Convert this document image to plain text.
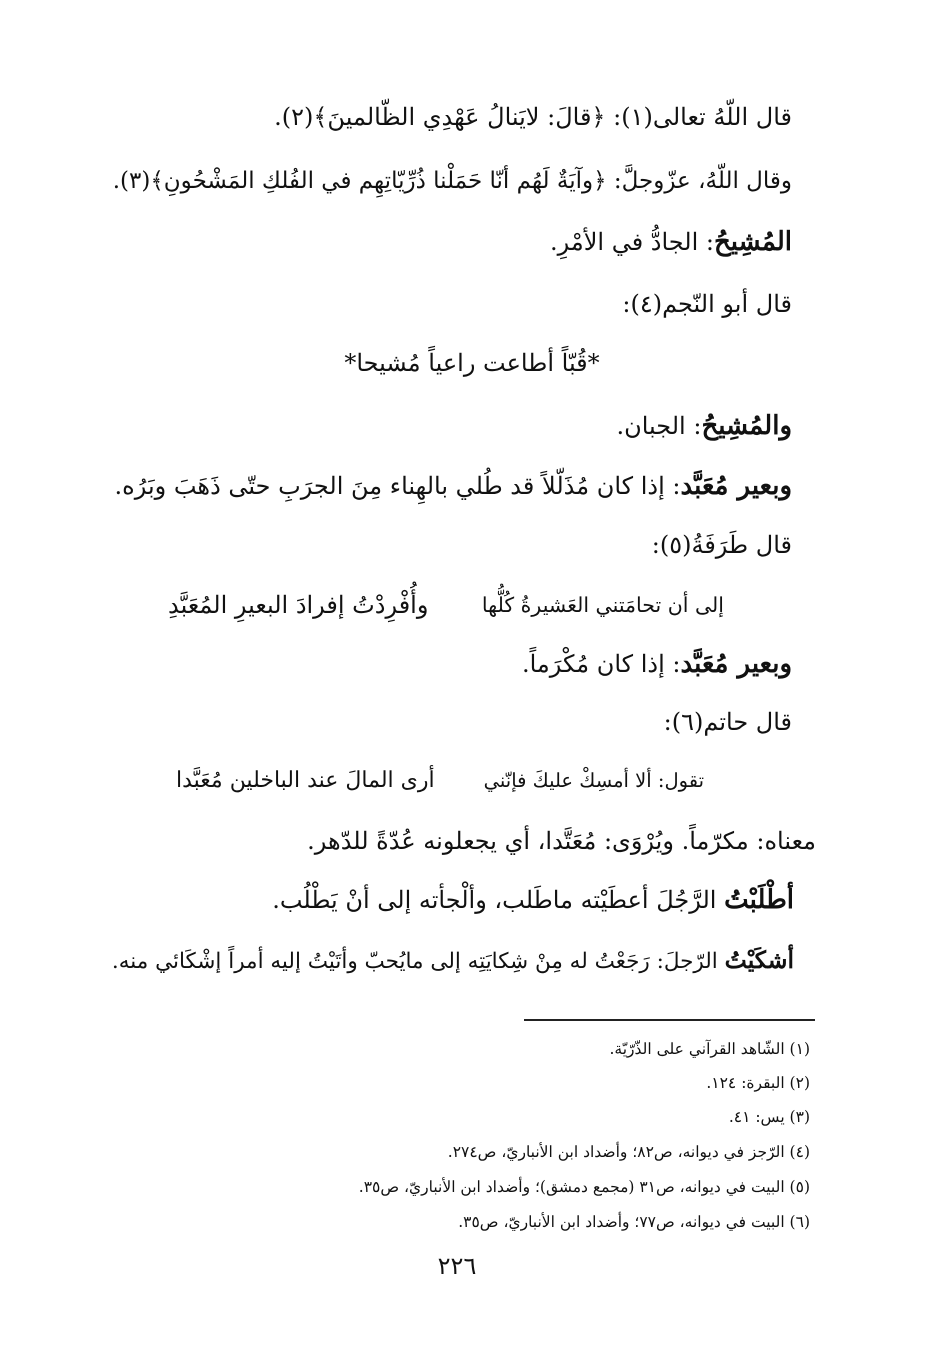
قال اللّهُ تعالى(١): ﴿قالَ: لايَنالُ عَهْدِي الظّالمينَ﴾(٢).
وقال اللّهُ، عزّوجلَّ: ﴿وآيَةٌ لَهُم أنّا حَمَلْنا ذُرِّيّاتِهِم في الفُلكِ المَشْحُونِ﴾(٣).
المُشِيحُ: الجادُّ في الأمْرِ.
قال أبو النّجم(٤):
*قُبّاً أطاعت راعياً مُشيحا*
والمُشِيحُ: الجبان.
وبعير مُعَبَّد: إذا كان مُذَلّلاً قد طُلي بالهِناء مِنَ الجرَبِ حتّى ذَهَبَ وبَرُه.
قال طَرَفَةُ(٥):
إلى أن تحامَتني العَشيرةُ كُلُّها
وأُفْرِدْتُ إفرادَ البعيرِ المُعَبَّدِ
وبعير مُعَبَّد: إذا كان مُكْرَماً.
قال حاتم(٦):
تقول: ألا أمسِكْ عليكَ فإنّني
أرى المالَ عند الباخلين مُعَبَّدا
معناه: مكرّماً. ويُرْوَى: مُعَتَّدا، أي يجعلونه عُدّةً للدّهر.
أطْلَبْتُ الرَّجُلَ أعطَيْته ماطَلب، وألْجأته إلى أنْ يَطْلُب.
أشكَيْتُ الرّجلَ: رَجَعْتُ له مِنْ شِكايَتِه إلى مايُحبّ وأتَيْتُ إليه أمراً إشْكَائي منه.
(١) الشّاهد القرآني على الذّرّيّة.
(٢) البقرة: ١٢٤.
(٣) يس: ٤١.
(٤) الرّجز في ديوانه، ص٨٢؛ وأضداد ابن الأنباريّ، ص٢٧٤.
(٥) البيت في ديوانه، ص٣١ (مجمع دمشق)؛ وأضداد ابن الأنباريّ، ص٣٥.
(٦) البيت في ديوانه، ص٧٧؛ وأضداد ابن الأنباريّ، ص٣٥.
٢٢٦
